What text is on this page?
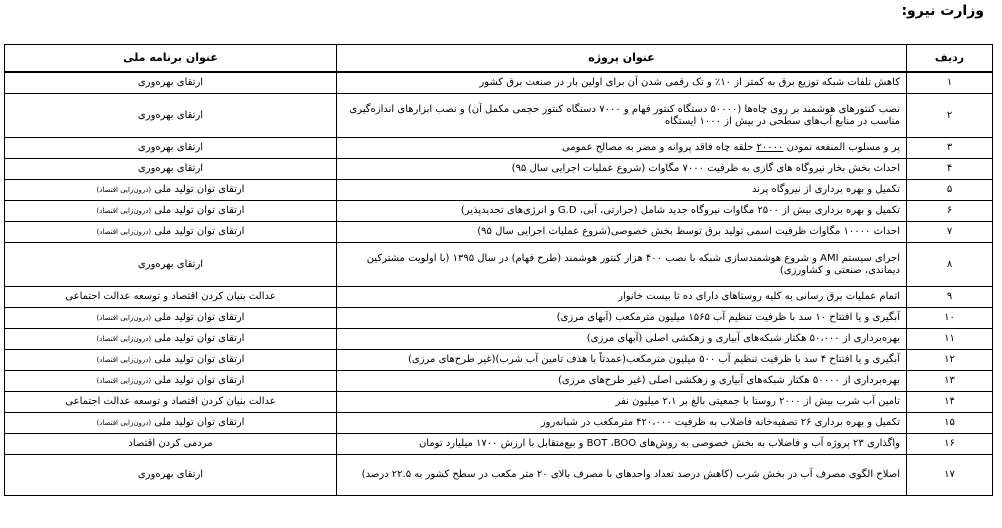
وزارت نیرو:
ردیف	عنوان پروژه	عنوان برنامه ملی
۱	کاهش تلفات شبکه توزیع برق به کمتر از ۱۰٪ و تک رقمی شدن آن برای اولین بار در صنعت برق کشور	ارتقای بهره‌وری
۲	نصب کنتورهای هوشمند بر روی چاه‌ها (۵۰۰۰۰ دستگاه کنتور فهام و ۷۰۰۰ دستگاه کنتور حجمی مکمل آن) و نصب ابزارهای اندازه‌گیری مناسب در منابع آب‌های سطحی در بیش از ۱۰۰۰ ایستگاه	ارتقای بهره‌وری
۳	پر و مسلوب المنفعه نمودن ۲۰۰۰۰ حلقه چاه فاقد پروانه و مضر به مصالح عمومی	ارتقای بهره‌وری
۴	احداث بخش بخار نیروگاه های گازی به ظرفیت ۷۰۰۰ مگاوات (شروع عملیات اجرایی سال ۹۵)	ارتقای بهره‌وری
۵	تکمیل و بهره برداری از نیروگاه پرند	ارتقای توان تولید ملی (درون‌زایی اقتصاد)
۶	تکمیل و بهره برداری بیش از ۲۵۰۰ مگاوات نیروگاه جدید شامل (حرارتی، آبی، G.D و انرژی‌های تجدیدپذیر)	ارتقای توان تولید ملی (درون‌زایی اقتصاد)
۷	احداث ۱۰۰۰۰ مگاوات ظرفیت اسمی تولید برق توسط بخش خصوصی(شروع عملیات اجرایی سال ۹۵)	ارتقای توان تولید ملی (درون‌زایی اقتصاد)
۸	اجرای سیستم AMI و شروع هوشمندسازی شبکه با نصب ۴۰۰ هزار کنتور هوشمند (طرح فهام) در سال ۱۳۹۵ (با اولویت مشترکین دیماندی، صنعتی و کشاورزی)	ارتقای بهره‌وری
۹	اتمام عملیات برق رسانی به کلیه روستاهای دارای ده تا بیست خانوار	عدالت بنیان کردن اقتصاد و توسعه عدالت اجتماعی
۱۰	آبگیری و یا افتتاح ۱۰ سد با ظرفیت تنظیم آب ۱۵۶۵ میلیون مترمکعب (آبهای مرزی)	ارتقای توان تولید ملی (درون‌زایی اقتصاد)
۱۱	بهره‌برداری از ۵۰،۰۰۰ هکتار شبکه‌های آبیاری و زهکشی اصلی (آبهای مرزی)	ارتقای توان تولید ملی (درون‌زایی اقتصاد)
۱۲	آبگیری و یا افتتاح ۴ سد با ظرفیت تنظیم آب ۵۰۰ میلیون مترمکعب(عمدتاً با هدف تامین آب شرب)(غیر طرح‌های مرزی)	ارتقای توان تولید ملی (درون‌زایی اقتصاد)
۱۳	بهره‌برداری از ۵۰۰۰۰ هکتار شبکه‌های آبیاری و زهکشی اصلی (غیر طرح‌های مرزی)	ارتقای توان تولید ملی (درون‌زایی اقتصاد)
۱۴	تامین آب شرب بیش از ۲۰۰۰ روستا با جمعیتی بالغ بر ۲،۱ میلیون نفر	عدالت بنیان کردن اقتصاد و توسعه عدالت اجتماعی
۱۵	تکمیل و بهره برداری ۲۶ تصفیه‌خانه فاضلاب به ظرفیت ۴۲۰،۰۰۰ مترمکعب در شبانه‌روز	ارتقای توان تولید ملی (درون‌زایی اقتصاد)
۱۶	واگذاری ۲۳ پروژه آب و فاضلاب به بخش خصوصی به روش‌های BOT ،BOO و بیع‌متقابل با ارزش ۱۷۰۰ میلیارد تومان	مردمی کردن اقتصاد
۱۷	اصلاح الگوی مصرف آب در بخش شرب (کاهش درصد تعداد واحدهای با مصرف بالای ۲۰ متر مکعب در سطح کشور به ۲۲.۵ درصد)	ارتقای بهره‌وری
